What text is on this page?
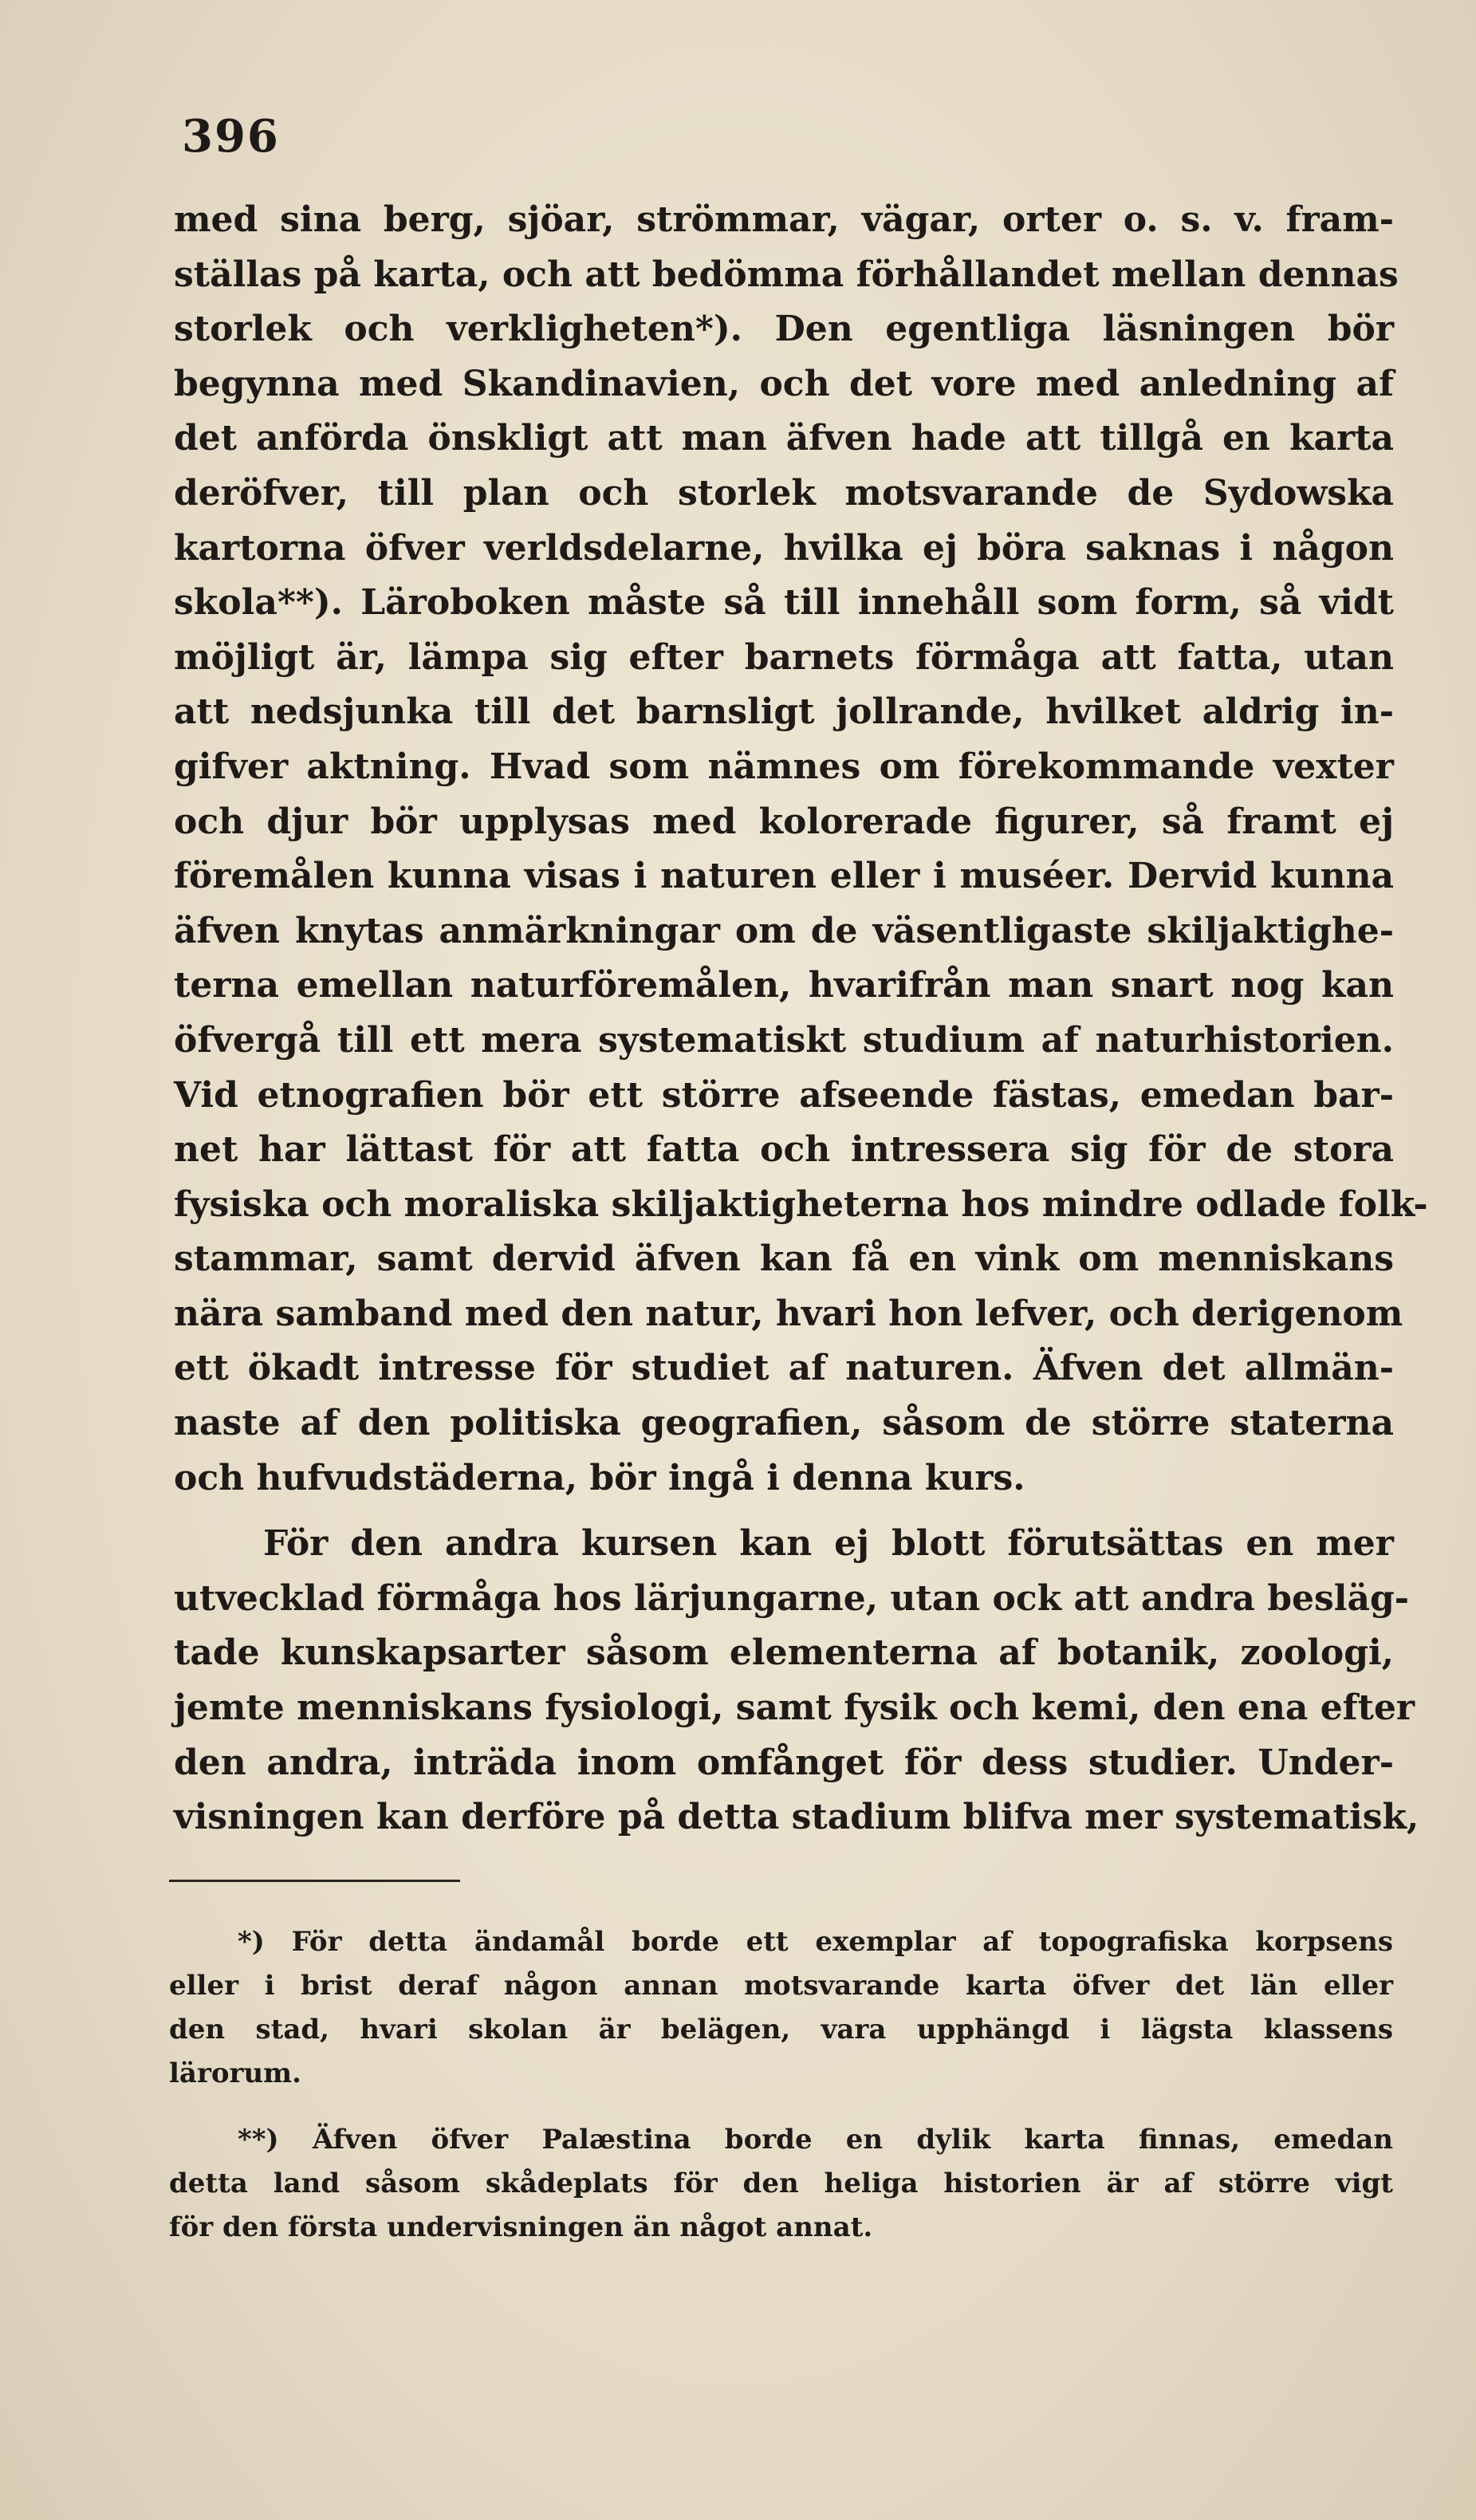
396

med sina berg, sjöar, strömmar, vägar, orter o. s. v. fram-
ställas på karta, och att bedömma förhållandet mellan dennas
storlek och verkligheten*). Den egentliga läsningen bör
begynna med Skandinavien, och det vore med anledning af
det anförda önskligt att man äfven hade att tillgå en karta
deröfver, till plan och storlek motsvarande de Sydowska
kartorna öfver verldsdelarne, hvilka ej böra saknas i någon
skola**). Läroboken måste så till innehåll som form, så vidt
möjligt är, lämpa sig efter barnets förmåga att fatta, utan
att nedsjunka till det barnsligt jollrande, hvilket aldrig in-
gifver aktning. Hvad som nämnes om förekommande vexter
och djur bör upplysas med kolorerade figurer, så framt ej
föremålen kunna visas i naturen eller i muséer. Dervid kunna
äfven knytas anmärkningar om de väsentligaste skiljaktighe-
terna emellan naturföremålen, hvarifrån man snart nog kan
öfvergå till ett mera systematiskt studium af naturhistorien.
Vid etnografien bör ett större afseende fästas, emedan bar-
net har lättast för att fatta och intressera sig för de stora
fysiska och moraliska skiljaktigheterna hos mindre odlade folk-
stammar, samt dervid äfven kan få en vink om menniskans
nära samband med den natur, hvari hon lefver, och derigenom
ett ökadt intresse för studiet af naturen. Äfven det allmän-
naste af den politiska geografien, såsom de större staterna
och hufvudstäderna, bör ingå i denna kurs.
För den andra kursen kan ej blott förutsättas en mer
utvecklad förmåga hos lärjungarne, utan ock att andra besläg-
tade kunskapsarter såsom elementerna af botanik, zoologi,
jemte menniskans fysiologi, samt fysik och kemi, den ena efter
den andra, inträda inom omfånget för dess studier. Under-
visningen kan derföre på detta stadium blifva mer systematisk,
*) För detta ändamål borde ett exemplar af topografiska korpsens
eller i brist deraf någon annan motsvarande karta öfver det län eller
den stad, hvari skolan är belägen, vara upphängd i lägsta klassens
lärorum.
**) Äfven öfver Palæstina borde en dylik karta finnas, emedan
detta land såsom skådeplats för den heliga historien är af större vigt
för den första undervisningen än något annat.
